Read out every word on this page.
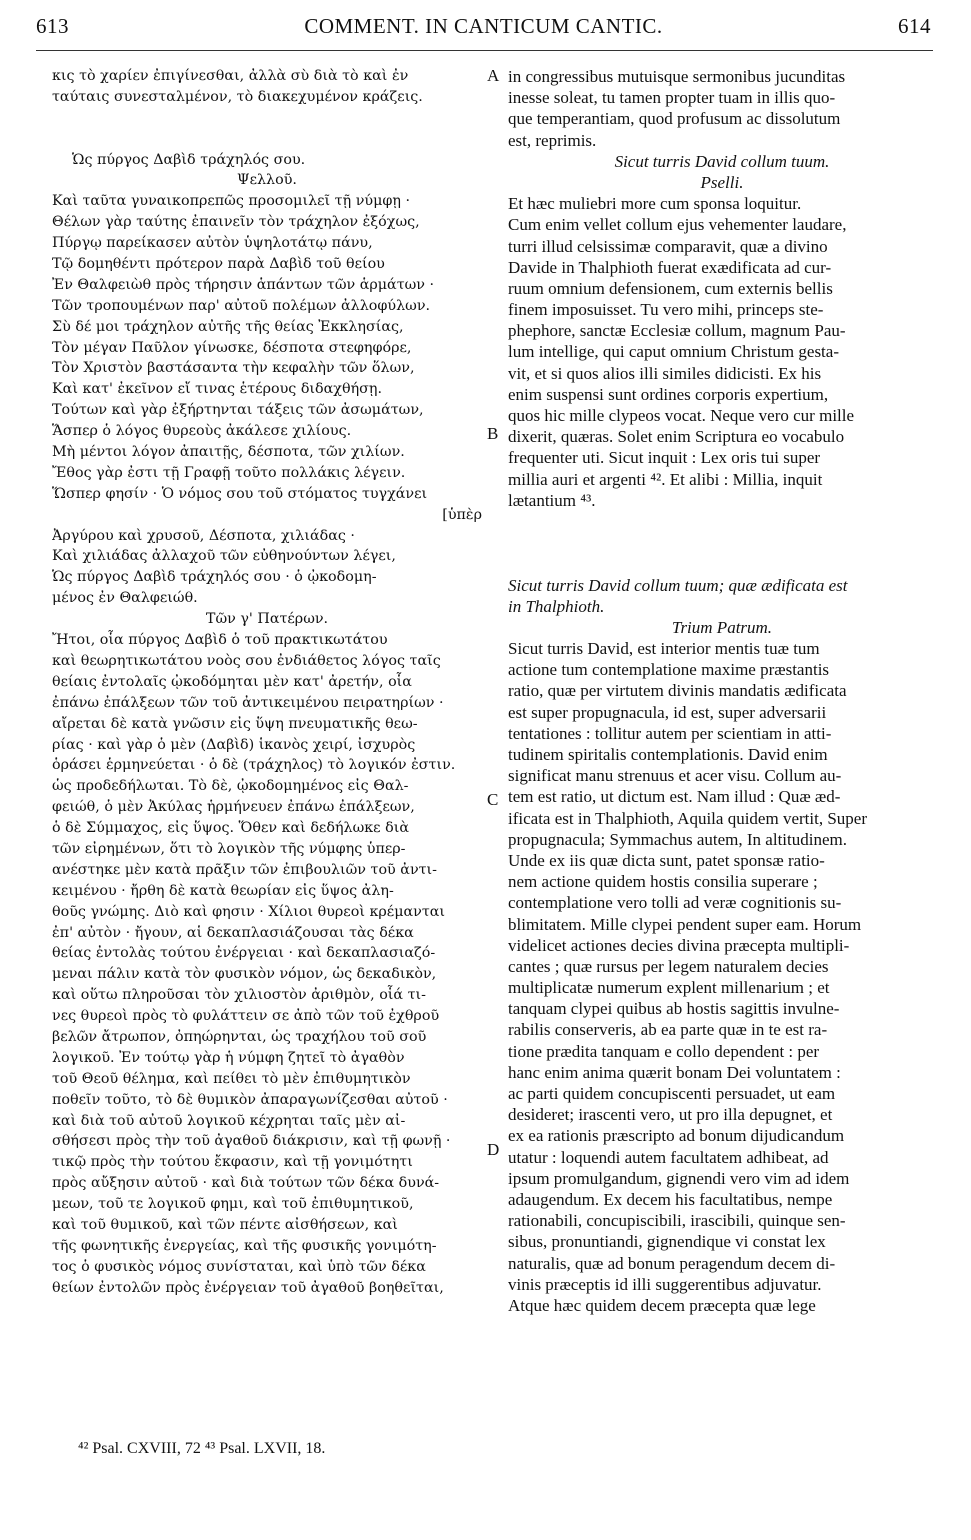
613	COMMENT. IN CANTICUM CANTIC.	614
κις τὸ χαρίεν ἐπιγίνεσθαι, ἀλλὰ σὺ διὰ τὸ καὶ ἐν
ταύταις συνεσταλμένον, τὸ διακεχυμένον κράζεις.
Ὡς πύργος Δαβὶδ τράχηλός σου.
Ψελλοῦ.
Καὶ ταῦτα γυναικοπρεπῶς προσομιλεῖ τῇ νύμφῃ ·
Θέλων γὰρ ταύτης ἐπαινεῖν τὸν τράχηλον ἐξόχως,
Πύργῳ παρείκασεν αὐτὸν ὑψηλοτάτῳ πάνυ,
Τῷ δομηθέντι πρότερον παρὰ Δαβὶδ τοῦ θείου
Ἐν Θαλφειὼθ πρὸς τήρησιν ἁπάντων τῶν ἁρμάτων ·
Τῶν τροπουμένων παρ' αὐτοῦ πολέμων ἀλλοφύλων.
Σὺ δέ μοι τράχηλον αὐτῆς τῆς θείας Ἐκκλησίας,
Τὸν μέγαν Παῦλον γίνωσκε, δέσποτα στεφηφόρε,
Τὸν Χριστὸν βαστάσαντα τὴν κεφαλὴν τῶν ὅλων,
Καὶ κατ' ἐκεῖνον εἴ τινας ἑτέρους διδαχθήσῃ.
Τούτων καὶ γὰρ ἐξήρτηνται τάξεις τῶν ἀσωμάτων,
Ἅσπερ ὁ λόγος θυρεοὺς ἀκάλεσε χιλίους.
Μὴ μέντοι λόγον ἀπαιτῇς, δέσποτα, τῶν χιλίων.
Ἔθος γὰρ ἐστι τῇ Γραφῇ τοῦτο πολλάκις λέγειν.
Ὥσπερ φησίν · Ὁ νόμος σου τοῦ στόματος τυγχάνει
[ὑπὲρ
Ἀργύρου καὶ χρυσοῦ, Δέσποτα, χιλιάδας ·
Καὶ χιλιάδας ἀλλαχοῦ τῶν εὐθηνούντων λέγει,
Ὡς πύργος Δαβὶδ τράχηλός σου · ὁ ᾠκοδομη-
μένος ἐν Θαλφειώθ.
Τῶν γ' Πατέρων.
Ἤτοι, οἷα πύργος Δαβὶδ ὁ τοῦ πρακτικωτάτου
καὶ θεωρητικωτάτου νοὸς σου ἐνδιάθετος λόγος ταῖς
θείαις ἐντολαῖς ᾠκοδόμηται μὲν κατ' ἀρετήν, οἷα
ἐπάνω ἐπάλξεων τῶν τοῦ ἀντικειμένου πειρατηρίων ·
αἴρεται δὲ κατὰ γνῶσιν εἰς ὕψη πνευματικῆς θεω-
ρίας · καὶ γὰρ ὁ μὲν (Δαβὶδ) ἱκανὸς χειρί, ἰσχυρὸς
ὁράσει ἑρμηνεύεται · ὁ δὲ (τράχηλος) τὸ λογικόν ἐστιν.
ὡς προδεδήλωται. Τὸ δὲ, ᾠκοδομημένος εἰς Θαλ-
φειώθ, ὁ μὲν Ἀκύλας ἡρμήνευεν ἐπάνω ἐπάλξεων,
ὁ δὲ Σύμμαχος, εἰς ὕψος. Ὅθεν καὶ δεδήλωκε διὰ
τῶν εἰρημένων, ὅτι τὸ λογικὸν τῆς νύμφης ὑπερ-
ανέστηκε μὲν κατὰ πρᾶξιν τῶν ἐπιβουλιῶν τοῦ ἀντι-
κειμένου · ἤρθη δὲ κατὰ θεωρίαν εἰς ὕψος ἀλη-
θοῦς γνώμης. Διὸ καὶ φησιν · Χίλιοι θυρεοὶ κρέμανται
ἐπ' αὐτὸν · ἤγουν, αἱ δεκαπλασιάζουσαι τὰς δέκα
θείας ἐντολὰς τούτου ἐνέργειαι · καὶ δεκαπλασιαζό-
μεναι πάλιν κατὰ τὸν φυσικὸν νόμον, ὡς δεκαδικὸν,
καὶ οὕτω πληροῦσαι τὸν χιλιοστὸν ἀριθμὸν, οἷά τι-
νες θυρεοὶ πρὸς τὸ φυλάττειν σε ἀπὸ τῶν τοῦ ἐχθροῦ
βελῶν ἄτρωπον, ὀπηώρηνται, ὡς τραχήλου τοῦ σοῦ
λογικοῦ. Ἐν τούτῳ γὰρ ἡ νύμφη ζητεῖ τὸ ἀγαθὸν
τοῦ Θεοῦ θέλημα, καὶ πείθει τὸ μὲν ἐπιθυμητικὸν
ποθεῖν τοῦτο, τὸ δὲ θυμικὸν ἀπαραγωνίζεσθαι αὐτοῦ ·
καὶ διὰ τοῦ αὐτοῦ λογικοῦ κέχρηται ταῖς μὲν αἰ-
σθήσεσι πρὸς τὴν τοῦ ἀγαθοῦ διάκρισιν, καὶ τῇ φωνῇ ·
τικῷ πρὸς τὴν τούτου ἔκφασιν, καὶ τῇ γονιμότητι
πρὸς αὔξησιν αὐτοῦ · καὶ διὰ τούτων τῶν δέκα δυνά-
μεων, τοῦ τε λογικοῦ φημι, καὶ τοῦ ἐπιθυμητικοῦ,
καὶ τοῦ θυμικοῦ, καὶ τῶν πέντε αἰσθήσεων, καὶ
τῆς φωνητικῆς ἐνεργείας, καὶ τῆς φυσικῆς γονιμότη-
τος ὁ φυσικὸς νόμος συνίσταται, καὶ ὑπὸ τῶν δέκα
θείων ἐντολῶν πρὸς ἐνέργειαν τοῦ ἀγαθοῦ βοηθεῖται,
in congressibus mutuisque sermonibus jucunditas
inesse soleat, tu tamen propter tuam in illis quo-
que temperantiam, quod profusum ac dissolutum
est, reprimis.
Sicut turris David collum tuum.
Pselli.
Et hæc muliebri more cum sponsa loquitur.
Cum enim vellet collum ejus vehementer laudare,
turri illud celsissimæ comparavit, quæ a divino
Davide in Thalphioth fuerat exædificata ad cur-
ruum omnium defensionem, cum externis bellis
finem imposuisset. Tu vero mihi, princeps ste-
phephore, sanctæ Ecclesiæ collum, magnum Pau-
lum intellige, qui caput omnium Christum gesta-
vit, et si quos alios illi similes didicisti. Ex his
enim suspensi sunt ordines corporis expertium,
quos hic mille clypeos vocat. Neque vero cur mille
dixerit, quæras. Solet enim Scriptura eo vocabulo
frequenter uti. Sicut inquit : Lex oris tui super
millia auri et argenti ⁴². Et alibi : Millia, inquit
lætantium ⁴³.
Sicut turris David collum tuum; quæ ædificata est
in Thalphioth.
Trium Patrum.
Sicut turris David, est interior mentis tuæ tum
actione tum contemplatione maxime præstantis
ratio, quæ per virtutem divinis mandatis ædificata
est super propugnacula, id est, super adversarii
tentationes : tollitur autem per scientiam in atti-
tudinem spiritalis contemplationis. David enim
significat manu strenuus et acer visu. Collum au-
tem est ratio, ut dictum est. Nam illud : Quæ æd-
ificata est in Thalphioth, Aquila quidem vertit, Super
propugnacula; Symmachus autem, In altitudinem.
Unde ex iis quæ dicta sunt, patet sponsæ ratio-
nem actione quidem hostis consilia superare ;
contemplatione vero tolli ad veræ cognitionis su-
blimitatem. Mille clypei pendent super eam. Horum
videlicet actiones decies divina præcepta multipli-
cantes ; quæ rursus per legem naturalem decies
multiplicatæ numerum explent millenarium ; et
tanquam clypei quibus ab hostis sagittis invulne-
rabilis conserveris, ab ea parte quæ in te est ra-
tione prædita tanquam e collo dependent : per
hanc enim anima quærit bonam Dei voluntatem :
ac parti quidem concupiscenti persuadet, ut eam
desideret; irascenti vero, ut pro illa depugnet, et
ex ea rationis præscripto ad bonum dijudicandum
utatur : loquendi autem facultatem adhibeat, ad
ipsum promulgandum, gignendi vero vim ad idem
adaugendum. Ex decem his facultatibus, nempe
rationabili, concupiscibili, irascibili, quinque sen-
sibus, pronuntiandi, gignendique vi constat lex
naturalis, quæ ad bonum peragendum decem di-
vinis præceptis id illi suggerentibus adjuvatur.
Atque hæc quidem decem præcepta quæ lege
A
B
C
D
⁴² Psal. CXVIII, 72 ⁴³ Psal. LXVII, 18.
